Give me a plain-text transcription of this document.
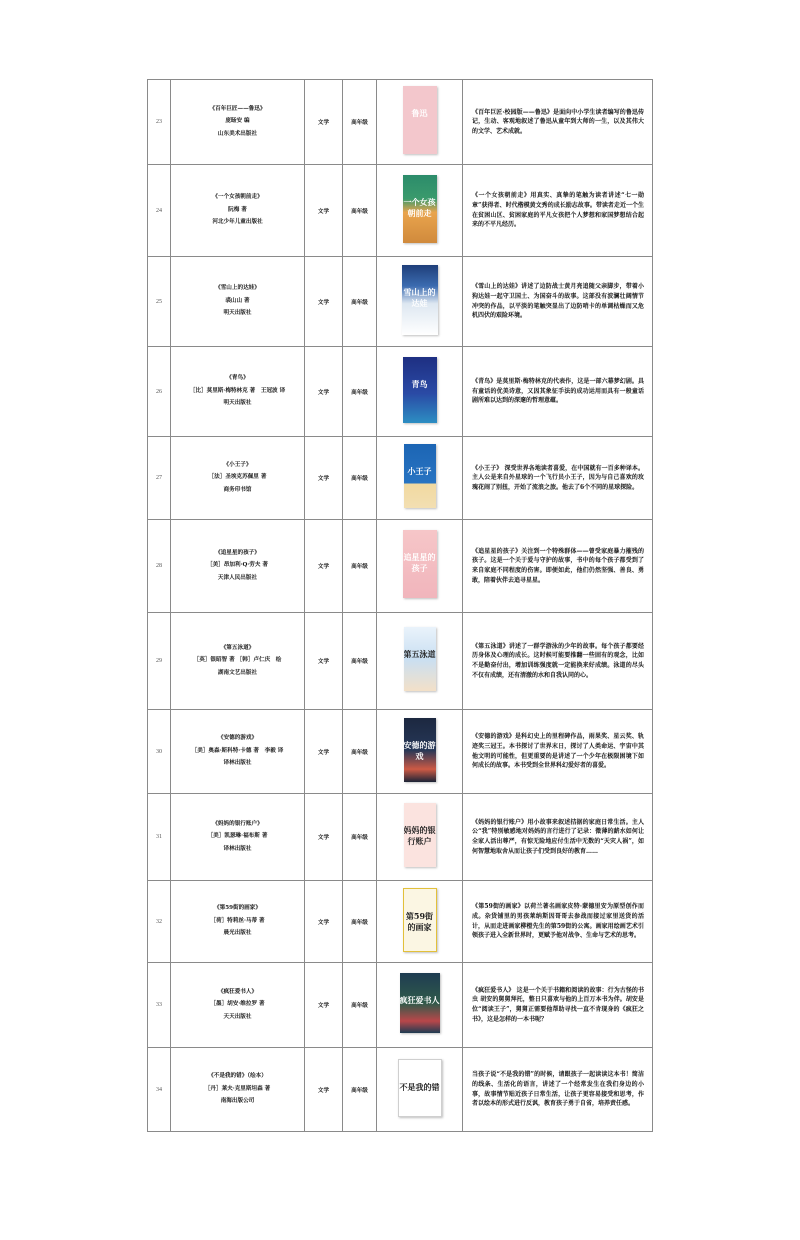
23	《百年巨匠——鲁迅》
庞旸安 编
山东美术出版社	文学	高年级	鲁迅	《百年巨匠·校园版——鲁迅》是面向中小学生读者编写的鲁迅传记，生动、客观地叙述了鲁迅从童年到大师的一生，以及其伟大的文学、艺术成就。
24	《一个女孩朝前走》
阮梅 著
河北少年儿童出版社	文学	高年级	一个女孩朝前走	《一个女孩朝前走》用真实、真挚的笔触为读者讲述“七一勋章”获得者、时代楷模黄文秀的成长励志故事。带读者走近一个生在贫困山区、贫困家庭的平凡女孩把个人梦想和家国梦想结合起来的不平凡经历。
25	《雪山上的达娃》
裘山山 著
明天出版社	文学	高年级	雪山上的达娃	《雪山上的达娃》讲述了边防战士黄月亮追随父亲脚步，带着小狗达娃一起守卫国土、为国奋斗的故事。这部没有波澜壮阔情节冲突的作品，以平淡的笔触突显出了边防哨卡的单调枯燥而又危机四伏的艰险环境。
26	《青鸟》
［比］莫里斯·梅特林克 著　王冠波 译
明天出版社	文学	高年级	青鸟	《青鸟》是莫里斯·梅特林克的代表作，这是一部六幕梦幻剧。具有童话的优美诗意，又因其象征手法的成功运用而具有一般童话剧所难以达到的深邃的哲理意蕴。
27	《小王子》
［法］圣埃克苏佩里 著
商务印书馆	文学	高年级	小王子	《小王子》 深受世界各地读者喜爱，在中国就有一百多种译本。主人公是来自外星球的一个飞行员小王子，因为与自己喜欢的玫瑰花闹了别扭，开始了流浪之旅。他去了6个不同的星球探险。
28	《追星星的孩子》
［美］昂加利·Q·劳夫 著
天津人民出版社	文学	高年级	追星星的孩子	《追星星的孩子》关注到一个特殊群体——曾受家庭暴力摧残的孩子。这是一个关于爱与守护的故事，书中的每个孩子都受到了来自家庭不同程度的伤害。即便如此，他们仍然坚强、善良、勇敢，陪着伙伴去追寻星星。
29	《第五泳道》
［英］银昭智 著 ［韩］卢仁庆　绘
湖南文艺出版社	文学	高年级	第五泳道	《第五泳道》讲述了一群学游泳的少年的故事。每个孩子都要经历身体及心理的成长。这时候可能要推翻一些固有的观念，比如不是勤奋付出，增加训练强度就一定能换来好成绩。泳道的尽头不仅有成绩，还有清澈的水和自我认同的心。
30	《安德的游戏》
［美］奥森·斯科特·卡德 著　李毅 译
译林出版社	文学	高年级	安德的游戏	《安德的游戏》是科幻史上的里程碑作品，雨果奖、星云奖、轨迹奖三冠王。本书探讨了世界末日，探讨了人类命运、宇宙中其他文明的可能性，但更重要的是讲述了一个少年在极限困境下如何成长的故事。本书受到全世界科幻爱好者的喜爱。
31	《妈妈的银行账户》
［美］凯瑟琳·福布斯 著
译林出版社	文学	高年级	妈妈的银行账户	《妈妈的银行账户》用小故事来叙述拮据的家庭日常生活。主人公“我”特别敏感地对妈妈的言行进行了记录：微薄的薪水如何让全家人活出尊严，有惊无险地应付生活中无数的“天灾人祸”，如何智慧地取舍从而让孩子们受到良好的教育……
32	《第59街的画家》
［荷］特莉丝·马蒂 著
晨光出版社	文学	高年级	第59街的画家	《第59街的画家》以荷兰著名画家皮特·蒙德里安为原型创作而成。杂货铺里的男孩莱纳斯因哥哥去参战而接过家里送货的活计，从而走进画家柳橙先生的第59街的公寓。画家用绘画艺术引领孩子进入全新世界时，更赋予他对战争、生命与艺术的思考。
33	《疯狂爱书人》
［墨］胡安·维拉罗 著
天天出版社	文学	高年级	疯狂爱书人	《疯狂爱书人》 这是一个关于书籍和阅读的故事：行为古怪的书虫 胡安的舅舅拜托，整日只喜欢与他的上百万本书为伴。胡安是位“阅读王子”，舅舅正需要他帮助寻找一直不肯现身的《疯狂之书》，这是怎样的一本书呢？
34	《不是我的错》（绘本）
［丹］莱夫·克里斯坦森 著
南海出版公司	文学	高年级	不是我的错	当孩子说“不是我的错”的时候，请跟孩子一起读读这本书！简洁的线条、生活化的语言，讲述了一个经常发生在我们身边的小事，故事情节贴近孩子日常生活，让孩子更容易接受和思考，作者以绘本的形式进行反讽，教育孩子勇于自省，培养责任感。
